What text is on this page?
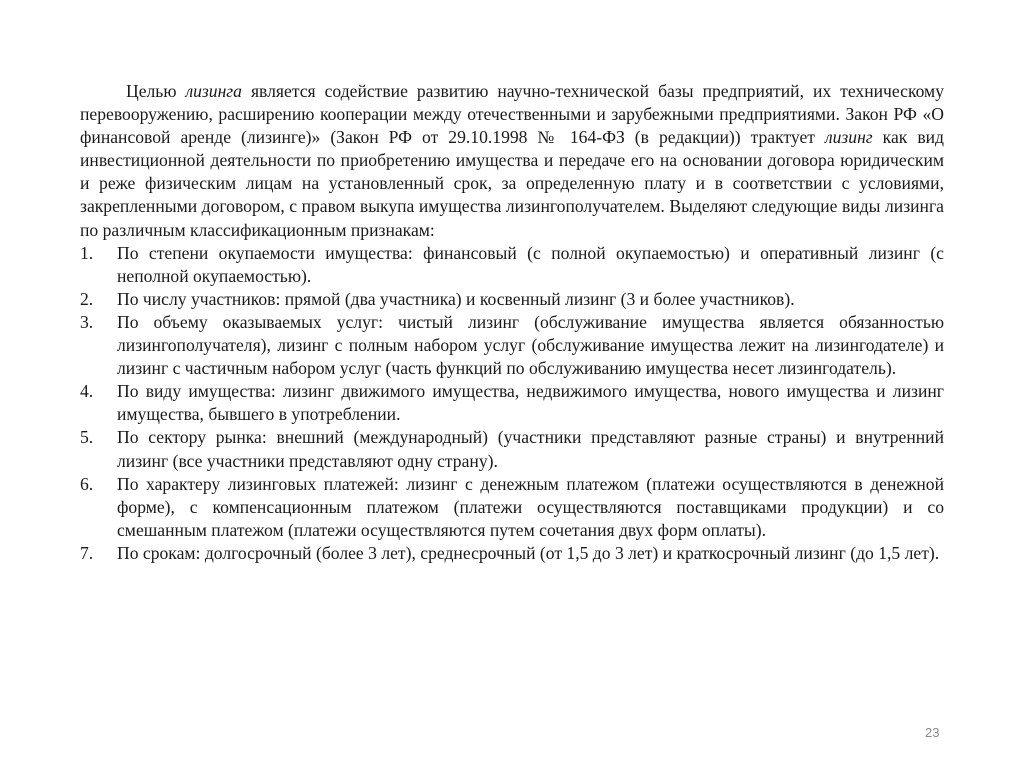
Целью лизинга является содействие развитию научно-технической базы предприятий, их техническому перевооружению, расширению кооперации между отечественными и зарубежными предприятиями. Закон РФ «О финансовой аренде (лизинге)» (Закон РФ от 29.10.1998 № 164-ФЗ (в редакции)) трактует лизинг как вид инвестиционной деятельности по приобретению имущества и передаче его на основании договора юридическим и реже физическим лицам на установленный срок, за определенную плату и в соответствии с условиями, закрепленными договором, с правом выкупа имущества лизингополучателем. Выделяют следующие виды лизинга по различным классификационным признакам:

1. По степени окупаемости имущества: финансовый (с полной окупаемостью) и оперативный лизинг (с неполной окупаемостью).
2. По числу участников: прямой (два участника) и косвенный лизинг (3 и более участников).
3. По объему оказываемых услуг: чистый лизинг (обслуживание имущества является обязанностью лизингополучателя), лизинг с полным набором услуг (обслуживание имущества лежит на лизингодателе) и лизинг с частичным набором услуг (часть функций по обслуживанию имущества несет лизингодатель).
4. По виду имущества: лизинг движимого имущества, недвижимого имущества, нового имущества и лизинг имущества, бывшего в употреблении.
5. По сектору рынка: внешний (международный) (участники представляют разные страны) и внутренний лизинг (все участники представляют одну страну).
6. По характеру лизинговых платежей: лизинг с денежным платежом (платежи осуществляются в денежной форме), с компенсационным платежом (платежи осуществляются поставщиками продукции) и со смешанным платежом (платежи осуществляются путем сочетания двух форм оплаты).
7. По срокам: долгосрочный (более 3 лет), среднесрочный (от 1,5 до 3 лет) и краткосрочный лизинг (до 1,5 лет).
23
